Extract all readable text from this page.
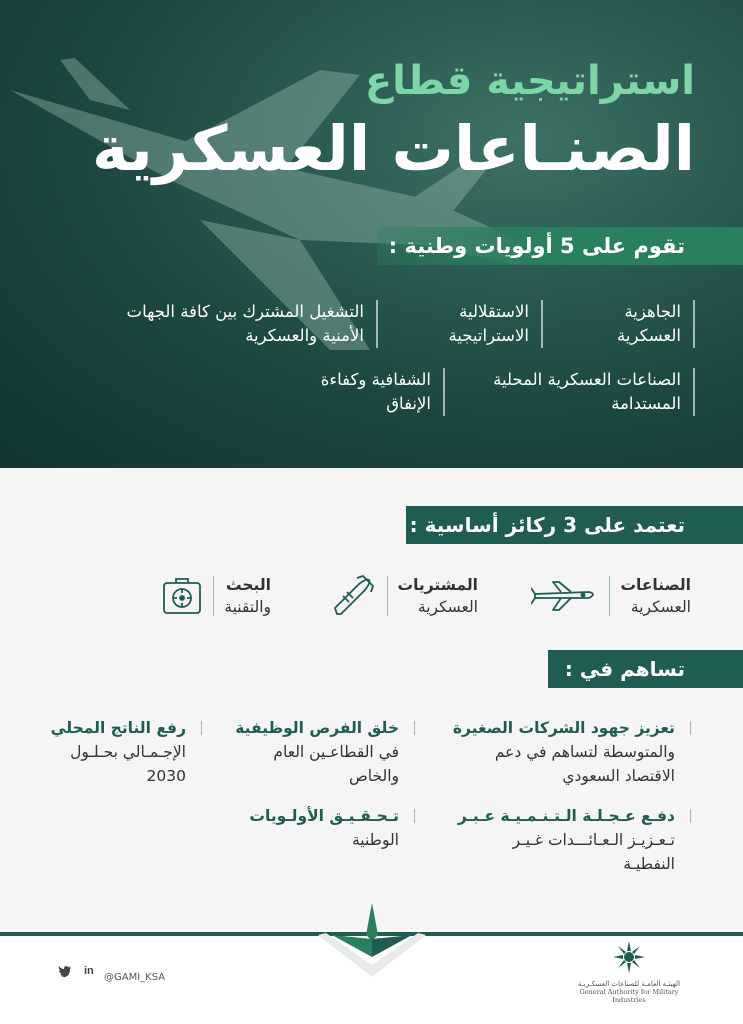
استراتيجية قطاع
الصنـاعات العسكرية
تقوم على 5 أولويات وطنية :
الجاهزية
العسكرية
الاستقلالية
الاستراتيجية
التشغيل المشترك بين كافة الجهات
الأمنية والعسكرية
الصناعات العسكرية المحلية
المستدامة
الشفافية وكفاءة
الإنفاق
تعتمد على 3 ركائز أساسية :
الصناعات
العسكرية
المشتريات
العسكرية
البحث
والتقنية
تساهم في :
تعزيز جهود الشركات الصغيرة
والمتوسطة لتساهم في دعم
الاقتصاد السعودي
خلق الفرص الوظيفية
في القطاعـين العام
والخاص
رفع الناتج المحلي
الإجـمـالي بحـلـول
2030
دفـع عـجـلـة الـتـنـمـيـة عـبـر
تـعـزيـز الـعـائـــدات غـيـر
النفطيـة
تـحـقـيـق الأولـويات
الوطنية
in
@GAMI_KSA
الهيئـة العامـة للصناعات العسكـريـة
General Authority for Military Industries
